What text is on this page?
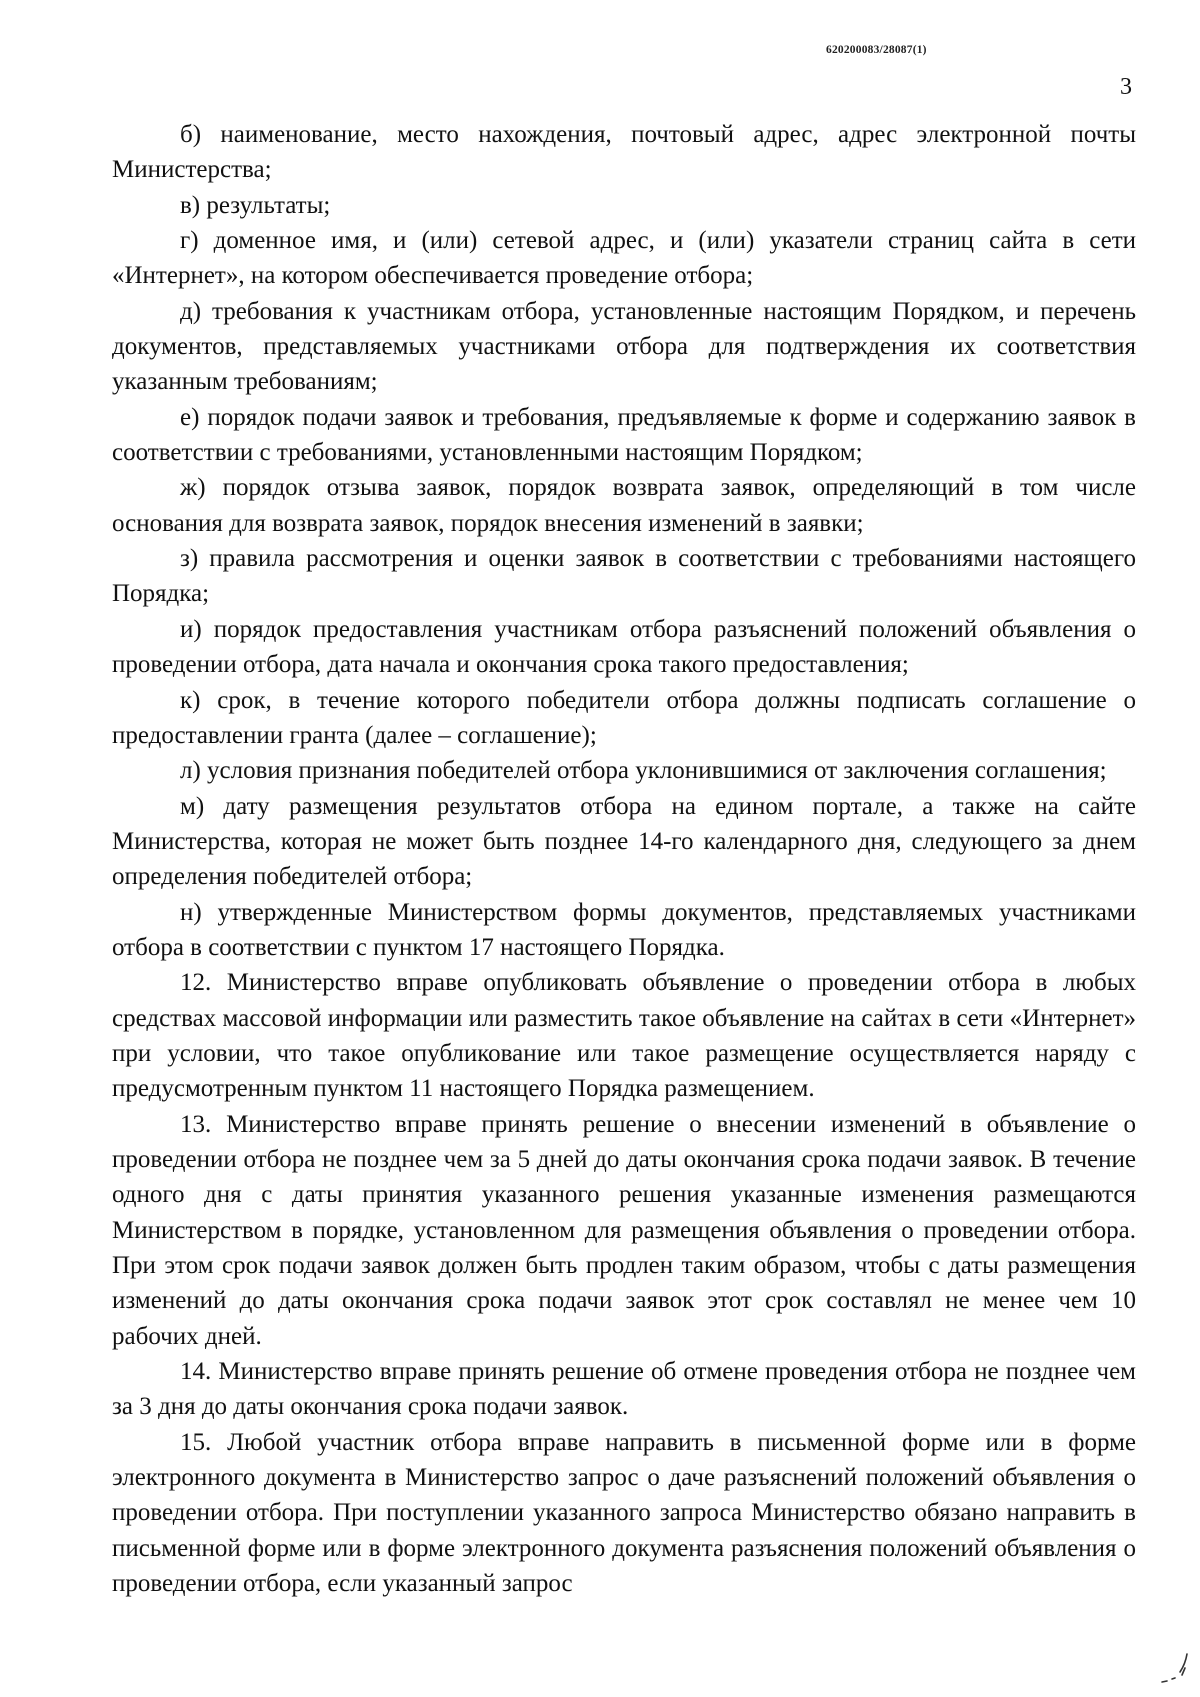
620200083/28087(1)
3

б) наименование, место нахождения, почтовый адрес, адрес электронной почты Министерства;

в) результаты;

г) доменное имя, и (или) сетевой адрес, и (или) указатели страниц сайта в сети «Интернет», на котором обеспечивается проведение отбора;

д) требования к участникам отбора, установленные настоящим Порядком, и перечень документов, представляемых участниками отбора для подтверждения их соответствия указанным требованиям;

е) порядок подачи заявок и требования, предъявляемые к форме и содержанию заявок в соответствии с требованиями, установленными настоящим Порядком;

ж) порядок отзыва заявок, порядок возврата заявок, определяющий в том числе основания для возврата заявок, порядок внесения изменений в заявки;

з) правила рассмотрения и оценки заявок в соответствии с требованиями настоящего Порядка;

и) порядок предоставления участникам отбора разъяснений положений объявления о проведении отбора, дата начала и окончания срока такого предоставления;

к) срок, в течение которого победители отбора должны подписать соглашение о предоставлении гранта (далее – соглашение);

л) условия признания победителей отбора уклонившимися от заключения соглашения;

м) дату размещения результатов отбора на едином портале, а также на сайте Министерства, которая не может быть позднее 14-го календарного дня, следующего за днем определения победителей отбора;

н) утвержденные Министерством формы документов, представляемых участниками отбора в соответствии с пунктом 17 настоящего Порядка.

12. Министерство вправе опубликовать объявление о проведении отбора в любых средствах массовой информации или разместить такое объявление на сайтах в сети «Интернет» при условии, что такое опубликование или такое размещение осуществляется наряду с предусмотренным пунктом 11 настоящего Порядка размещением.

13. Министерство вправе принять решение о внесении изменений в объявление о проведении отбора не позднее чем за 5 дней до даты окончания срока подачи заявок. В течение одного дня с даты принятия указанного решения указанные изменения размещаются Министерством в порядке, установленном для размещения объявления о проведении отбора. При этом срок подачи заявок должен быть продлен таким образом, чтобы с даты размещения изменений до даты окончания срока подачи заявок этот срок составлял не менее чем 10 рабочих дней.

14. Министерство вправе принять решение об отмене проведения отбора не позднее чем за 3 дня до даты окончания срока подачи заявок.

15. Любой участник отбора вправе направить в письменной форме или в форме электронного документа в Министерство запрос о даче разъяснений положений объявления о проведении отбора. При поступлении указанного запроса Министерство обязано направить в письменной форме или в форме электронного документа разъяснения положений объявления о проведении отбора, если указанный запрос
